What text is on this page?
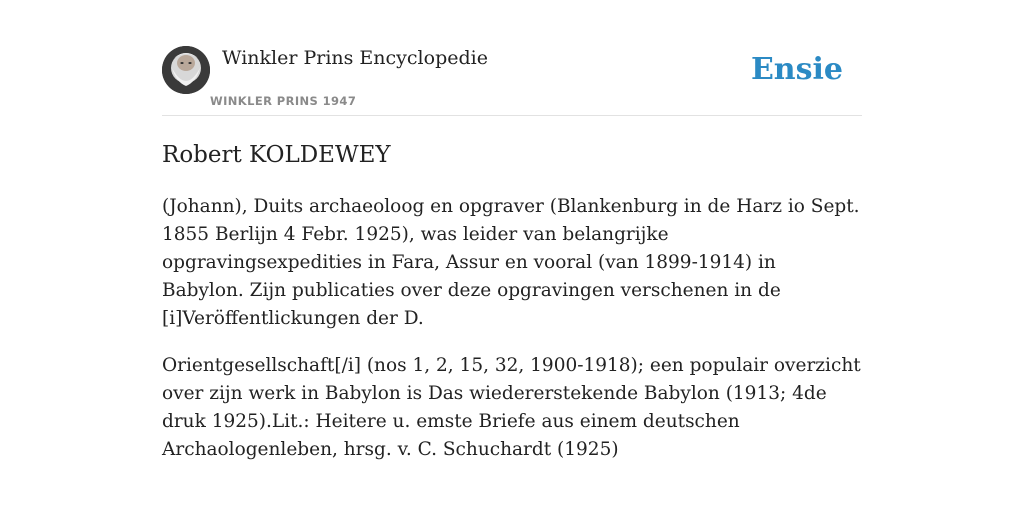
Winkler Prins Encyclopedie
WINKLER PRINS 1947
Ensie
Robert KOLDEWEY

(Johann), Duits archaeoloog en opgraver (Blankenburg in de Harz io Sept. 1855 Berlijn 4 Febr. 1925), was leider van belangrijke opgravingsexpedities in Fara, Assur en vooral (van 1899-1914) in Babylon. Zijn publicaties over deze opgravingen verschenen in de [i]Veröffentlickungen der D.

Orientgesellschaft[/i] (nos 1, 2, 15, 32, 1900-1918); een populair overzicht over zijn werk in Babylon is Das wiedererstekende Babylon (1913; 4de druk 1925).Lit.: Heitere u. emste Briefe aus einem deutschen Archaologenleben, hrsg. v. C. Schuchardt (1925)
